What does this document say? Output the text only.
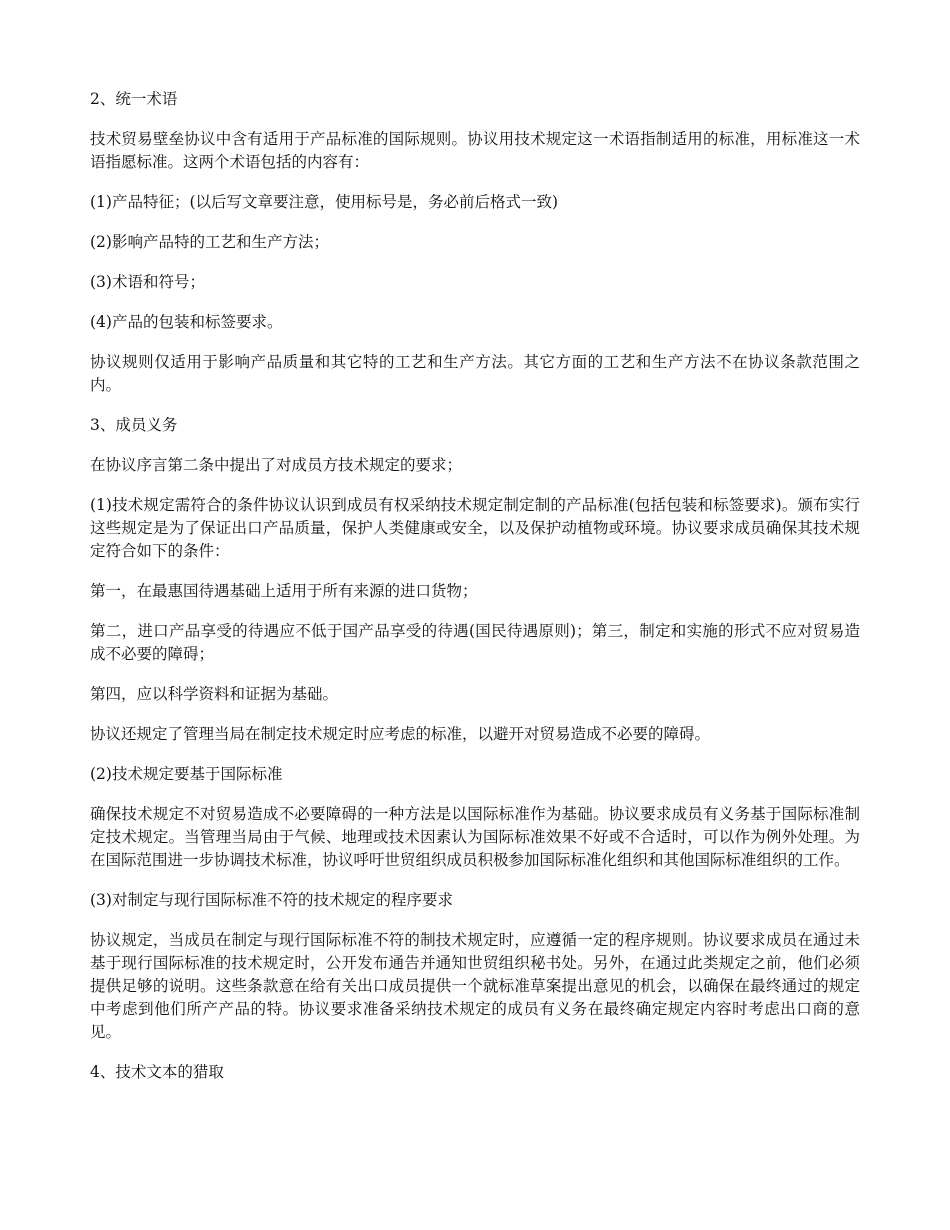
2、统一术语

技术贸易壁垒协议中含有适用于产品标准的国际规则。协议用技术规定这一术语指制适用的标准，用标准这一术语指愿标准。这两个术语包括的内容有：

(1)产品特征；(以后写文章要注意，使用标号是，务必前后格式一致)

(2)影响产品特的工艺和生产方法；

(3)术语和符号；

(4)产品的包装和标签要求。

协议规则仅适用于影响产品质量和其它特的工艺和生产方法。其它方面的工艺和生产方法不在协议条款范围之内。

3、成员义务

在协议序言第二条中提出了对成员方技术规定的要求；

(1)技术规定需符合的条件协议认识到成员有权采纳技术规定制定制的产品标准(包括包装和标签要求)。颁布实行这些规定是为了保证出口产品质量，保护人类健康或安全，以及保护动植物或环境。协议要求成员确保其技术规定符合如下的条件：

第一，在最惠国待遇基础上适用于所有来源的进口货物；

第二，进口产品享受的待遇应不低于国产品享受的待遇(国民待遇原则)；第三，制定和实施的形式不应对贸易造成不必要的障碍；

第四，应以科学资料和证据为基础。

协议还规定了管理当局在制定技术规定时应考虑的标准，以避开对贸易造成不必要的障碍。

(2)技术规定要基于国际标准

确保技术规定不对贸易造成不必要障碍的一种方法是以国际标准作为基础。协议要求成员有义务基于国际标准制定技术规定。当管理当局由于气候、地理或技术因素认为国际标准效果不好或不合适时，可以作为例外处理。为在国际范围进一步协调技术标准，协议呼吁世贸组织成员积极参加国际标准化组织和其他国际标准组织的工作。

(3)对制定与现行国际标准不符的技术规定的程序要求

协议规定，当成员在制定与现行国际标准不符的制技术规定时，应遵循一定的程序规则。协议要求成员在通过未基于现行国际标准的技术规定时，公开发布通告并通知世贸组织秘书处。另外，在通过此类规定之前，他们必须提供足够的说明。这些条款意在给有关出口成员提供一个就标准草案提出意见的机会，以确保在最终通过的规定中考虑到他们所产产品的特。协议要求准备采纳技术规定的成员有义务在最终确定规定内容时考虑出口商的意见。

4、技术文本的猎取
